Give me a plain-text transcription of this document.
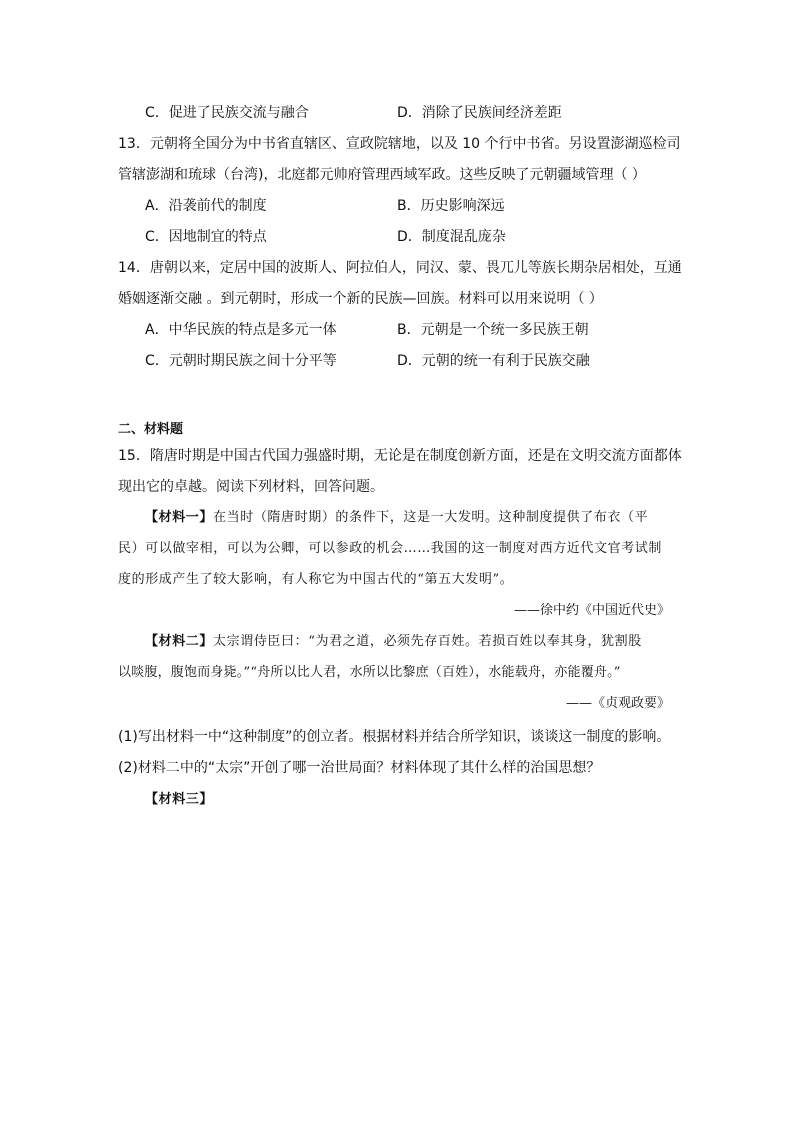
C．促进了民族交流与融合	D．消除了民族间经济差距
13．元朝将全国分为中书省直辖区、宣政院辖地，以及 10 个行中书省。另设置澎湖巡检司
管辖澎湖和琉球（台湾)，北庭都元帅府管理西域军政。这些反映了元朝疆域管理（ ）
A．沿袭前代的制度	B．历史影响深远
C．因地制宜的特点	D．制度混乱庞杂
14．唐朝以来，定居中国的波斯人、阿拉伯人，同汉、蒙、畏兀儿等族长期杂居相处，互通
婚姻逐渐交融 。到元朝时，形成一个新的民族—回族。材料可以用来说明（ ）
A．中华民族的特点是多元一体	B．元朝是一个统一多民族王朝
C．元朝时期民族之间十分平等	D．元朝的统一有利于民族交融
二、材料题
15．隋唐时期是中国古代国力强盛时期，无论是在制度创新方面，还是在文明交流方面都体
现出它的卓越。阅读下列材料，回答问题。
【材料一】在当时（隋唐时期）的条件下，这是一大发明。这种制度提供了布衣（平
民）可以做宰相，可以为公卿，可以参政的机会……我国的这一制度对西方近代文官考试制
度的形成产生了较大影响，有人称它为中国古代的“第五大发明”。
——徐中约《中国近代史》
【材料二】太宗谓侍臣曰：“为君之道，必须先存百姓。若损百姓以奉其身，犹割股
以啖腹，腹饱而身毙。”“舟所以比人君，水所以比黎庶（百姓），水能载舟，亦能覆舟。”
——《贞观政要》
(1)写出材料一中“这种制度”的创立者。根据材料并结合所学知识，谈谈这一制度的影响。
(2)材料二中的“太宗”开创了哪一治世局面？材料体现了其什么样的治国思想？
【材料三】
